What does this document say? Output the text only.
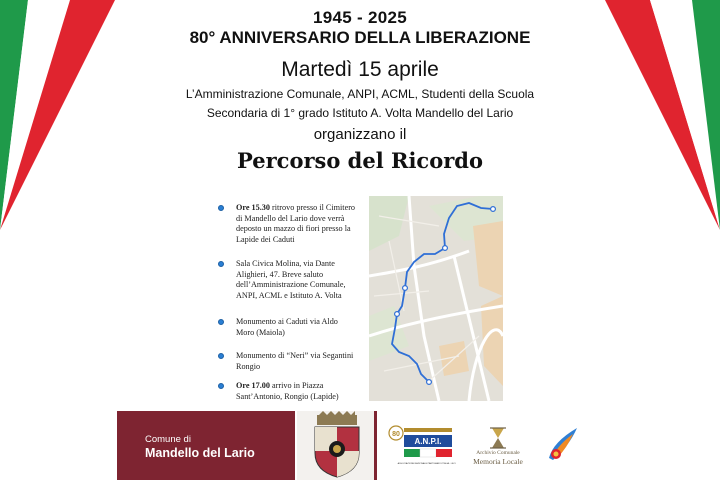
1945 - 2025
80° ANNIVERSARIO DELLA LIBERAZIONE
Martedì 15 aprile
L’Amministrazione Comunale, ANPI, ACML, Studenti della Scuola
Secondaria di 1° grado Istituto A. Volta Mandello del Lario
organizzano il
Percorso del Ricordo
Ore 15.30 ritrovo presso il Cimitero di Mandello del Lario dove verrà deposto un mazzo di fiori presso la Lapide dei Caduti
Sala Civica Molina, via Dante Alighieri, 47. Breve saluto dell’Amministrazione Comunale, ANPI, ACML e Istituto A. Volta
Monumento ai Caduti via Aldo Moro (Maiola)
Monumento di “Neri” via Segantini Rongio
Ore 17.00 arrivo in Piazza Sant’Antonio, Rongio (Lapide)
Comune di
Mandello del Lario
80
A.N.P.I.
ASSOCIAZIONE NAZIONALE PARTIGIANI D'ITALIA - LECCO
Archivio Comunale
Memoria Locale
